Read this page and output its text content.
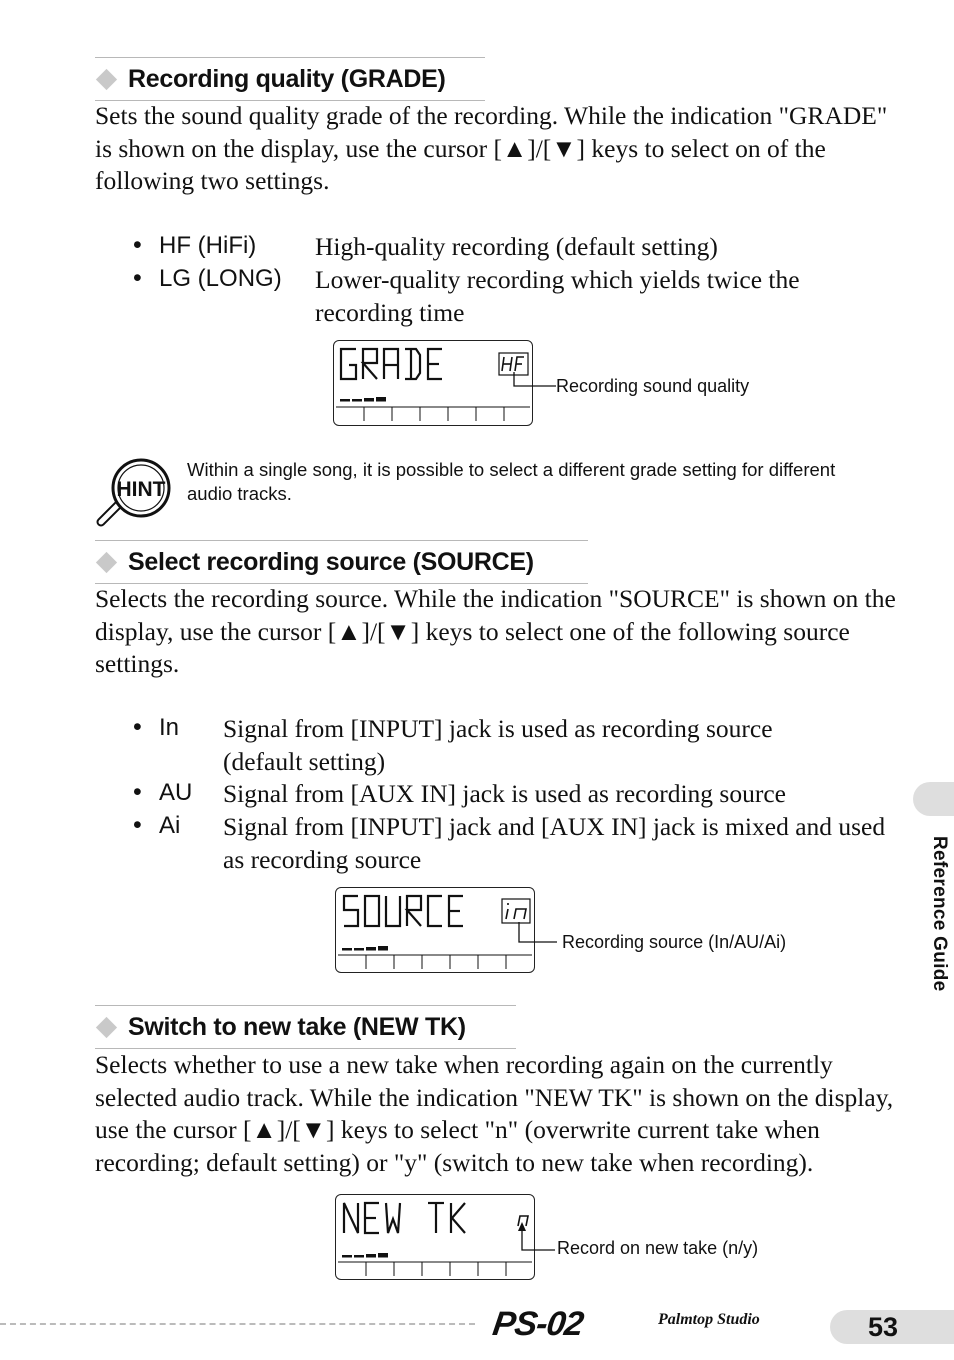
Recording quality (GRADE)
Sets the sound quality grade of the recording. While the indication "GRADE" is shown on the display, use the cursor [▲]/[▼] keys to select on of the following two settings.
• HF (HiFi) High-quality recording (default setting)
• LG (LONG) Lower-quality recording which yields twice the recording time
Recording sound quality
HINT
Within a single song, it is possible to select a different grade setting for different audio tracks.
Select recording source (SOURCE)
Selects the recording source. While the indication "SOURCE" is shown on the display, use the cursor [▲]/[▼] keys to select one of the following source settings.
• In Signal from [INPUT] jack is used as recording source (default setting)
• AU Signal from [AUX IN] jack is used as recording source
• Ai Signal from [INPUT] jack and [AUX IN] jack is mixed and used as recording source
Recording source (In/AU/Ai)
Switch to new take (NEW TK)
Selects whether to use a new take when recording again on the currently selected audio track. While the indication "NEW TK" is shown on the display, use the cursor [▲]/[▼] keys to select "n" (overwrite current take when recording; default setting) or "y" (switch to new take when recording).
Record on new take (n/y)
Reference Guide
PS-02	Palmtop Studio	53
